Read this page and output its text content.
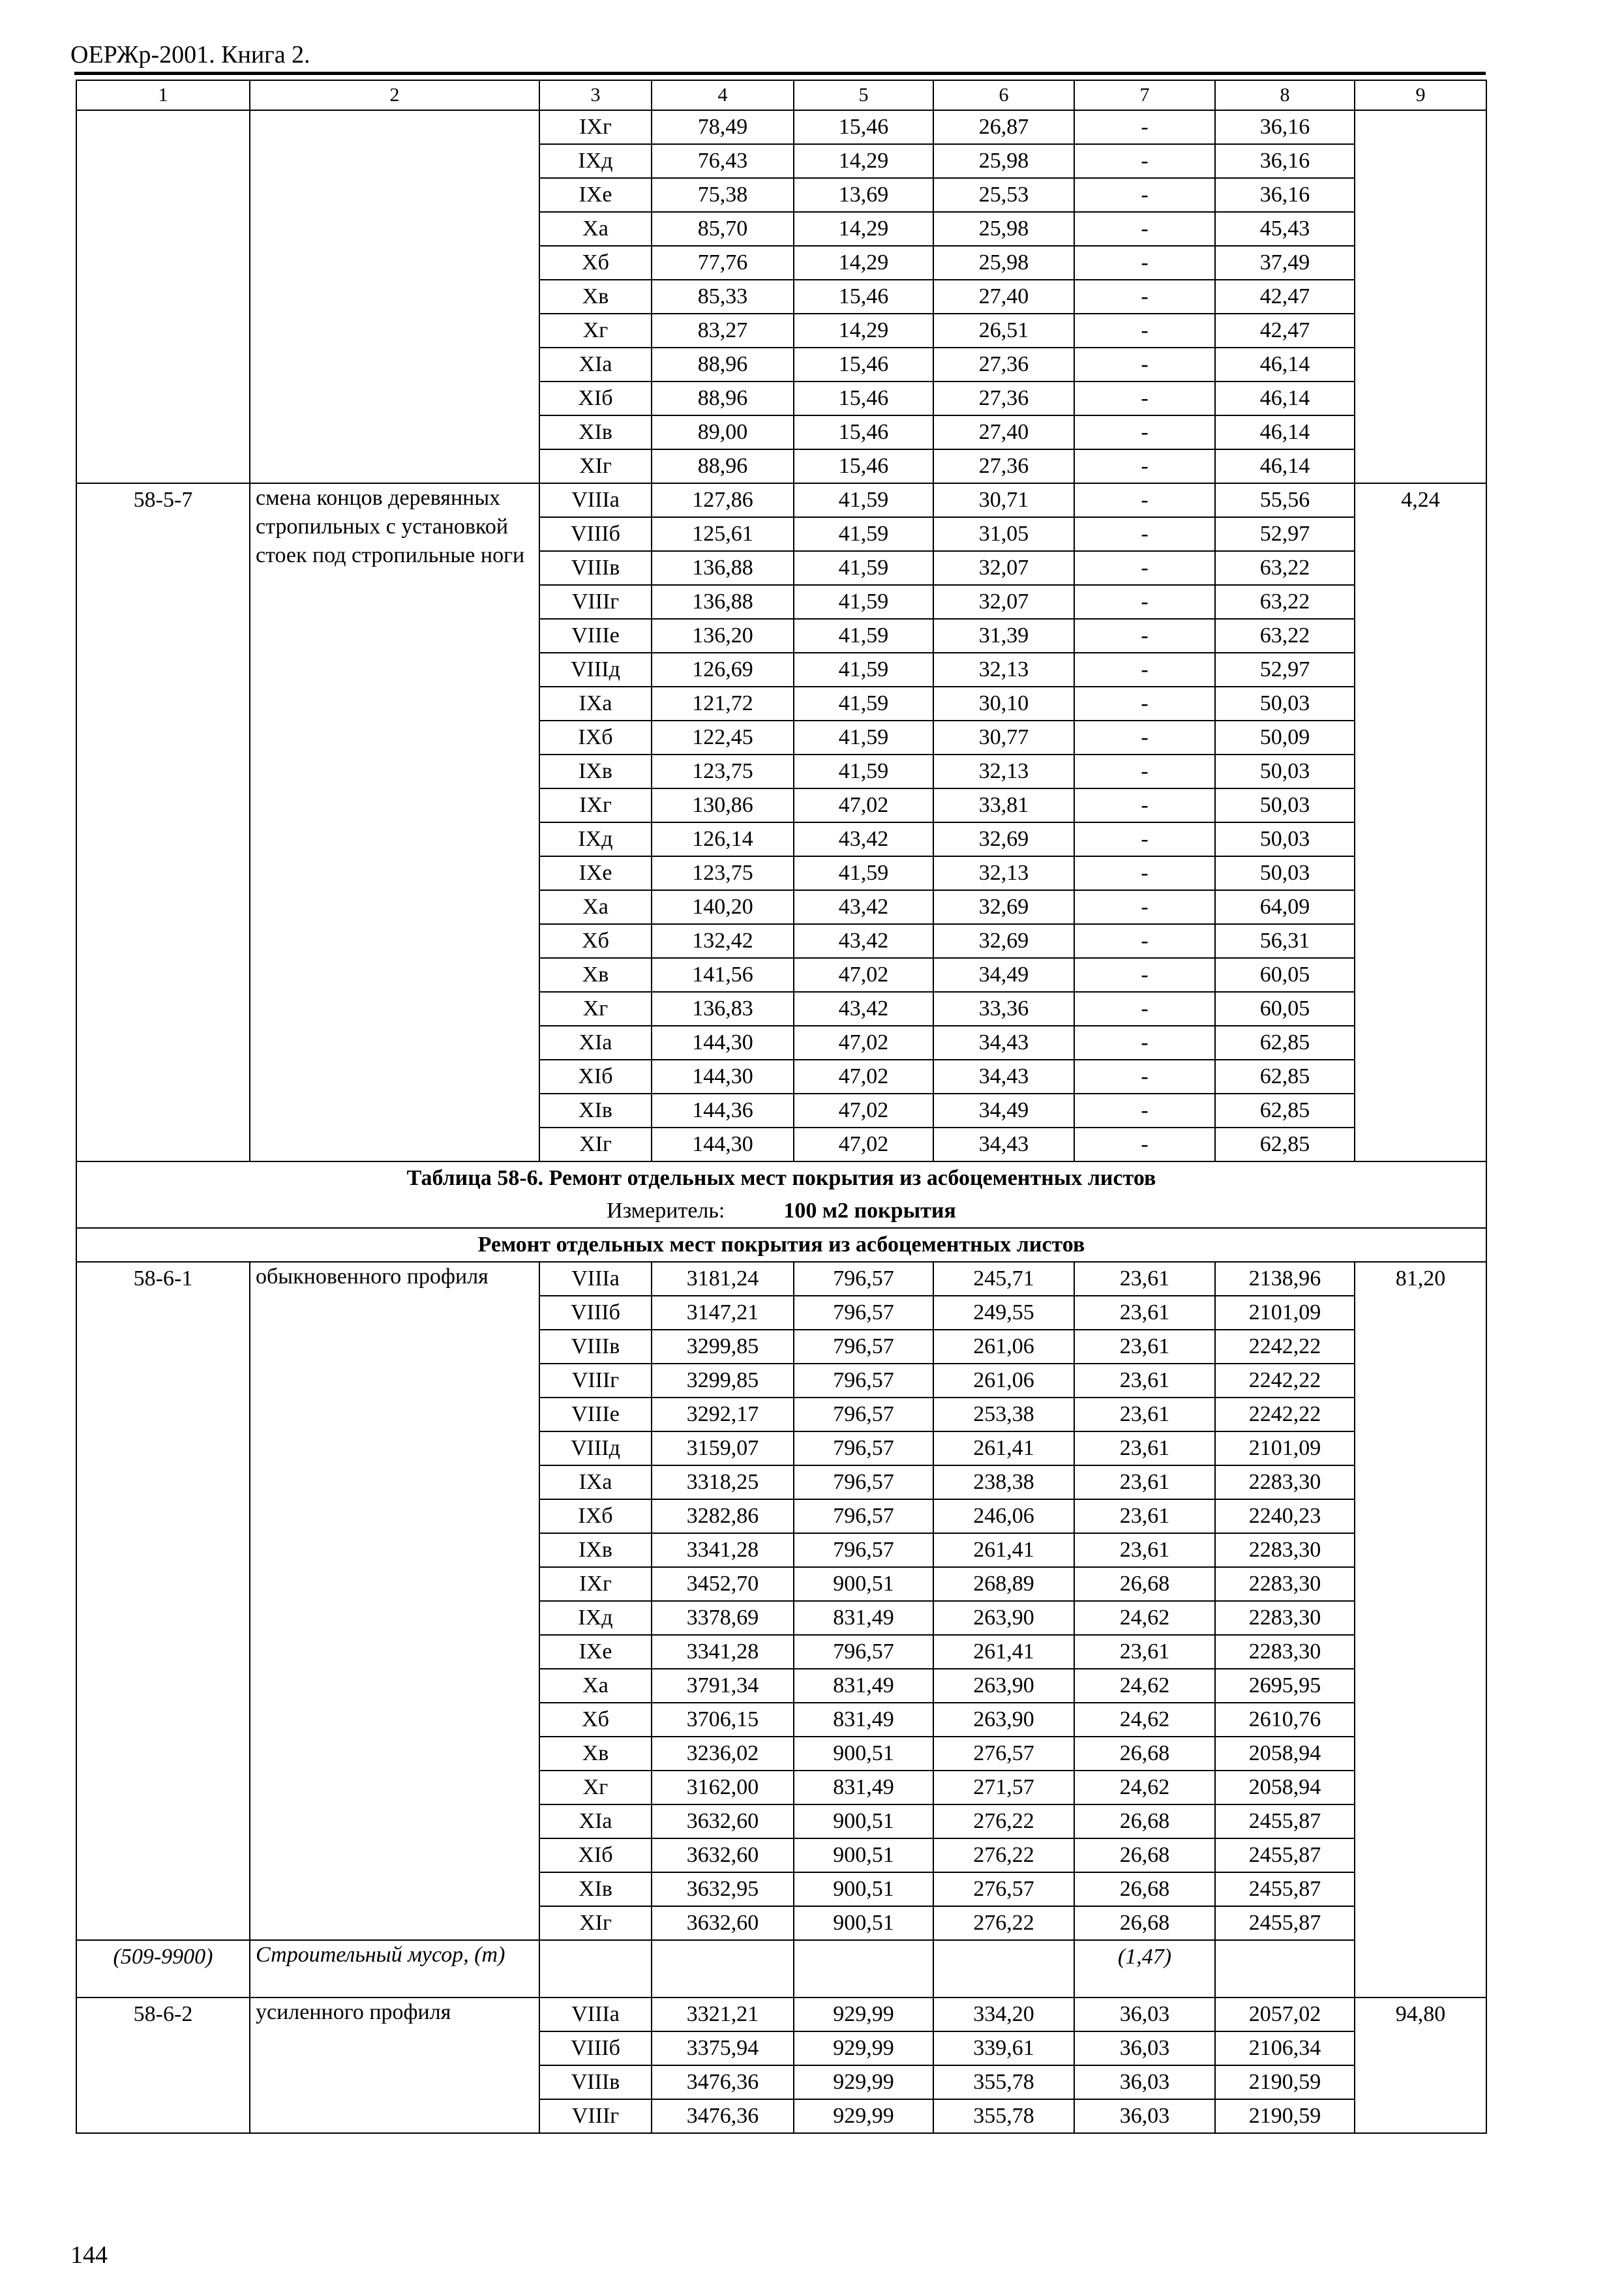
ОЕРЖр-2001. Книга 2.
1	2	3	4	5	6	7	8	9
		IХг	78,49	15,46	26,87	-	36,16	
		IХд	76,43	14,29	25,98	-	36,16	
		IХе	75,38	13,69	25,53	-	36,16	
		Ха	85,70	14,29	25,98	-	45,43	
		Хб	77,76	14,29	25,98	-	37,49	
		Хв	85,33	15,46	27,40	-	42,47	
		Хг	83,27	14,29	26,51	-	42,47	
		ХIа	88,96	15,46	27,36	-	46,14	
		ХIб	88,96	15,46	27,36	-	46,14	
		ХIв	89,00	15,46	27,40	-	46,14	
		ХIг	88,96	15,46	27,36	-	46,14	
58-5-7	смена концов деревянных стропильных с установкой стоек под стропильные ноги	VIIIа	127,86	41,59	30,71	-	55,56	4,24
		VIIIб	125,61	41,59	31,05	-	52,97	
		VIIIв	136,88	41,59	32,07	-	63,22	
		VIIIг	136,88	41,59	32,07	-	63,22	
		VIIIе	136,20	41,59	31,39	-	63,22	
		VIIIд	126,69	41,59	32,13	-	52,97	
		IХа	121,72	41,59	30,10	-	50,03	
		IХб	122,45	41,59	30,77	-	50,09	
		IХв	123,75	41,59	32,13	-	50,03	
		IХг	130,86	47,02	33,81	-	50,03	
		IХд	126,14	43,42	32,69	-	50,03	
		IХе	123,75	41,59	32,13	-	50,03	
		Ха	140,20	43,42	32,69	-	64,09	
		Хб	132,42	43,42	32,69	-	56,31	
		Хв	141,56	47,02	34,49	-	60,05	
		Хг	136,83	43,42	33,36	-	60,05	
		ХIа	144,30	47,02	34,43	-	62,85	
		ХIб	144,30	47,02	34,43	-	62,85	
		ХIв	144,36	47,02	34,49	-	62,85	
		ХIг	144,30	47,02	34,43	-	62,85	
Таблица 58-6. Ремонт отдельных мест покрытия из асбоцементных листов								
Измеритель: 100 м2 покрытия								
Ремонт отдельных мест покрытия из асбоцементных листов								
58-6-1	обыкновенного профиля	VIIIа	3181,24	796,57	245,71	23,61	2138,96	81,20
		VIIIб	3147,21	796,57	249,55	23,61	2101,09	
		VIIIв	3299,85	796,57	261,06	23,61	2242,22	
		VIIIг	3299,85	796,57	261,06	23,61	2242,22	
		VIIIе	3292,17	796,57	253,38	23,61	2242,22	
		VIIIд	3159,07	796,57	261,41	23,61	2101,09	
		IХа	3318,25	796,57	238,38	23,61	2283,30	
		IХб	3282,86	796,57	246,06	23,61	2240,23	
		IХв	3341,28	796,57	261,41	23,61	2283,30	
		IХг	3452,70	900,51	268,89	26,68	2283,30	
		IХд	3378,69	831,49	263,90	24,62	2283,30	
		IХе	3341,28	796,57	261,41	23,61	2283,30	
		Ха	3791,34	831,49	263,90	24,62	2695,95	
		Хб	3706,15	831,49	263,90	24,62	2610,76	
		Хв	3236,02	900,51	276,57	26,68	2058,94	
		Хг	3162,00	831,49	271,57	24,62	2058,94	
		ХIа	3632,60	900,51	276,22	26,68	2455,87	
		ХIб	3632,60	900,51	276,22	26,68	2455,87	
		ХIв	3632,95	900,51	276,57	26,68	2455,87	
		ХIг	3632,60	900,51	276,22	26,68	2455,87	
(509-9900)	Строительный мусор, (т)					(1,47)		
58-6-2	усиленного профиля	VIIIа	3321,21	929,99	334,20	36,03	2057,02	94,80
		VIIIб	3375,94	929,99	339,61	36,03	2106,34	
		VIIIв	3476,36	929,99	355,78	36,03	2190,59	
		VIIIг	3476,36	929,99	355,78	36,03	2190,59	
144
